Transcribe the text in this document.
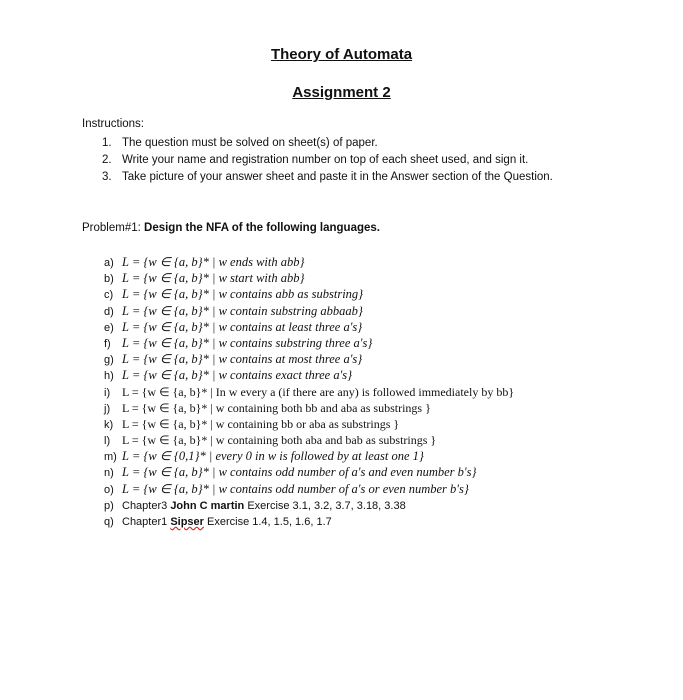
Theory of Automata
Assignment 2
Instructions:
1. The question must be solved on sheet(s) of paper.
2. Write your name and registration number on top of each sheet used, and sign it.
3. Take picture of your answer sheet and paste it in the Answer section of the Question.
Problem#1: Design the NFA of the following languages.
a) L = {w ∈ {a, b}* | w ends with abb}
b) L = {w ∈ {a, b}* | w start with abb}
c) L = {w ∈ {a, b}* | w contains abb as substring}
d) L = {w ∈ {a, b}* | w contain substring abbaab}
e) L = {w ∈ {a, b}* | w contains at least three a's}
f) L = {w ∈ {a, b}* | w contains substring three a's}
g) L = {w ∈ {a, b}* | w contains at most three a's}
h) L = {w ∈ {a, b}* | w contains exact three a's}
i) L = {w ∈ {a, b}* | In w every a (if there are any) is followed immediately by bb}
j) L = {w ∈ {a, b}* | w containing both bb and aba as substrings }
k) L = {w ∈ {a, b}* | w containing bb or aba as substrings }
l) L = {w ∈ {a, b}* | w containing both aba and bab as substrings }
m) L = {w ∈ {0,1}* | every 0 in w is followed by at least one 1}
n) L = {w ∈ {a, b}* | w contains odd number of a's and even number b's}
o) L = {w ∈ {a, b}* | w contains odd number of a's or even number b's}
p) Chapter3 John C martin Exercise 3.1, 3.2, 3.7, 3.18, 3.38
q) Chapter1 Sipser Exercise 1.4, 1.5, 1.6, 1.7
